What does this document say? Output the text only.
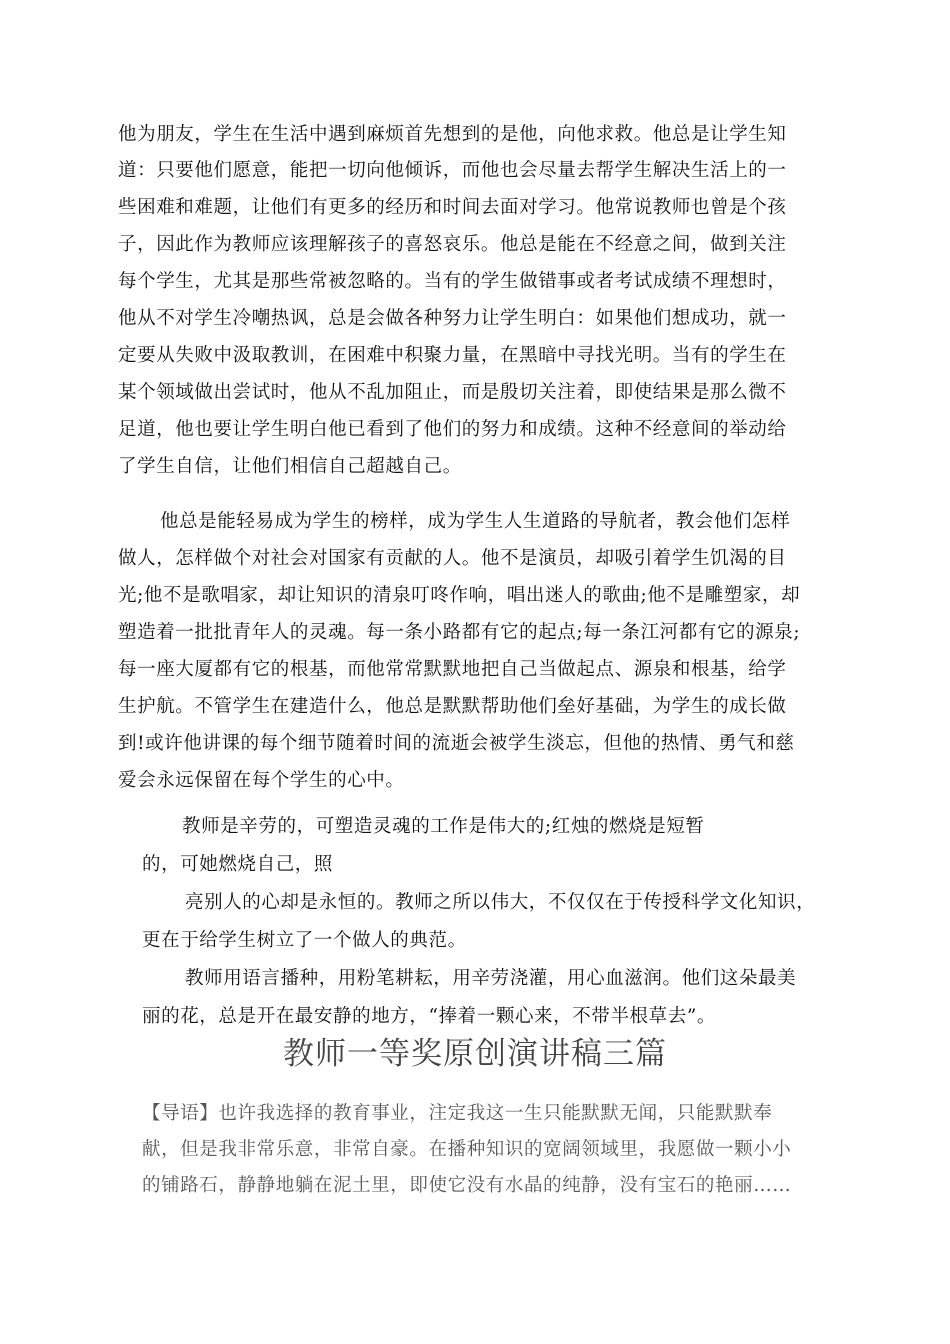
他为朋友，学生在生活中遇到麻烦首先想到的是他，向他求救。他总是让学生知
道：只要他们愿意，能把一切向他倾诉，而他也会尽量去帮学生解决生活上的一
些困难和难题，让他们有更多的经历和时间去面对学习。他常说教师也曾是个孩
子，因此作为教师应该理解孩子的喜怒哀乐。他总是能在不经意之间，做到关注
每个学生，尤其是那些常被忽略的。当有的学生做错事或者考试成绩不理想时，
他从不对学生冷嘲热讽，总是会做各种努力让学生明白：如果他们想成功，就一
定要从失败中汲取教训，在困难中积聚力量，在黑暗中寻找光明。当有的学生在
某个领域做出尝试时，他从不乱加阻止，而是殷切关注着，即使结果是那么微不
足道，他也要让学生明白他已看到了他们的努力和成绩。这种不经意间的举动给
了学生自信，让他们相信自己超越自己。
他总是能轻易成为学生的榜样，成为学生人生道路的导航者，教会他们怎样
做人，怎样做个对社会对国家有贡献的人。他不是演员，却吸引着学生饥渴的目
光;他不是歌唱家，却让知识的清泉叮咚作响，唱出迷人的歌曲;他不是雕塑家，却
塑造着一批批青年人的灵魂。每一条小路都有它的起点;每一条江河都有它的源泉;
每一座大厦都有它的根基，而他常常默默地把自己当做起点、源泉和根基，给学
生护航。不管学生在建造什么，他总是默默帮助他们垒好基础，为学生的成长做
到!或许他讲课的每个细节随着时间的流逝会被学生淡忘，但他的热情、勇气和慈
爱会永远保留在每个学生的心中。
教师是辛劳的，可塑造灵魂的工作是伟大的;红烛的燃烧是短暂
的，可她燃烧自己，照
亮别人的心却是永恒的。教师之所以伟大，不仅仅在于传授科学文化知识，
更在于给学生树立了一个做人的典范。
教师用语言播种，用粉笔耕耘，用辛劳浇灌，用心血滋润。他们这朵最美
丽的花，总是开在最安静的地方，“捧着一颗心来，不带半根草去”。
教师一等奖原创演讲稿三篇
【导语】也许我选择的教育事业，注定我这一生只能默默无闻，只能默默奉
献，但是我非常乐意，非常自豪。在播种知识的宽阔领域里，我愿做一颗小小
的铺路石，静静地躺在泥土里，即使它没有水晶的纯静，没有宝石的艳丽……
